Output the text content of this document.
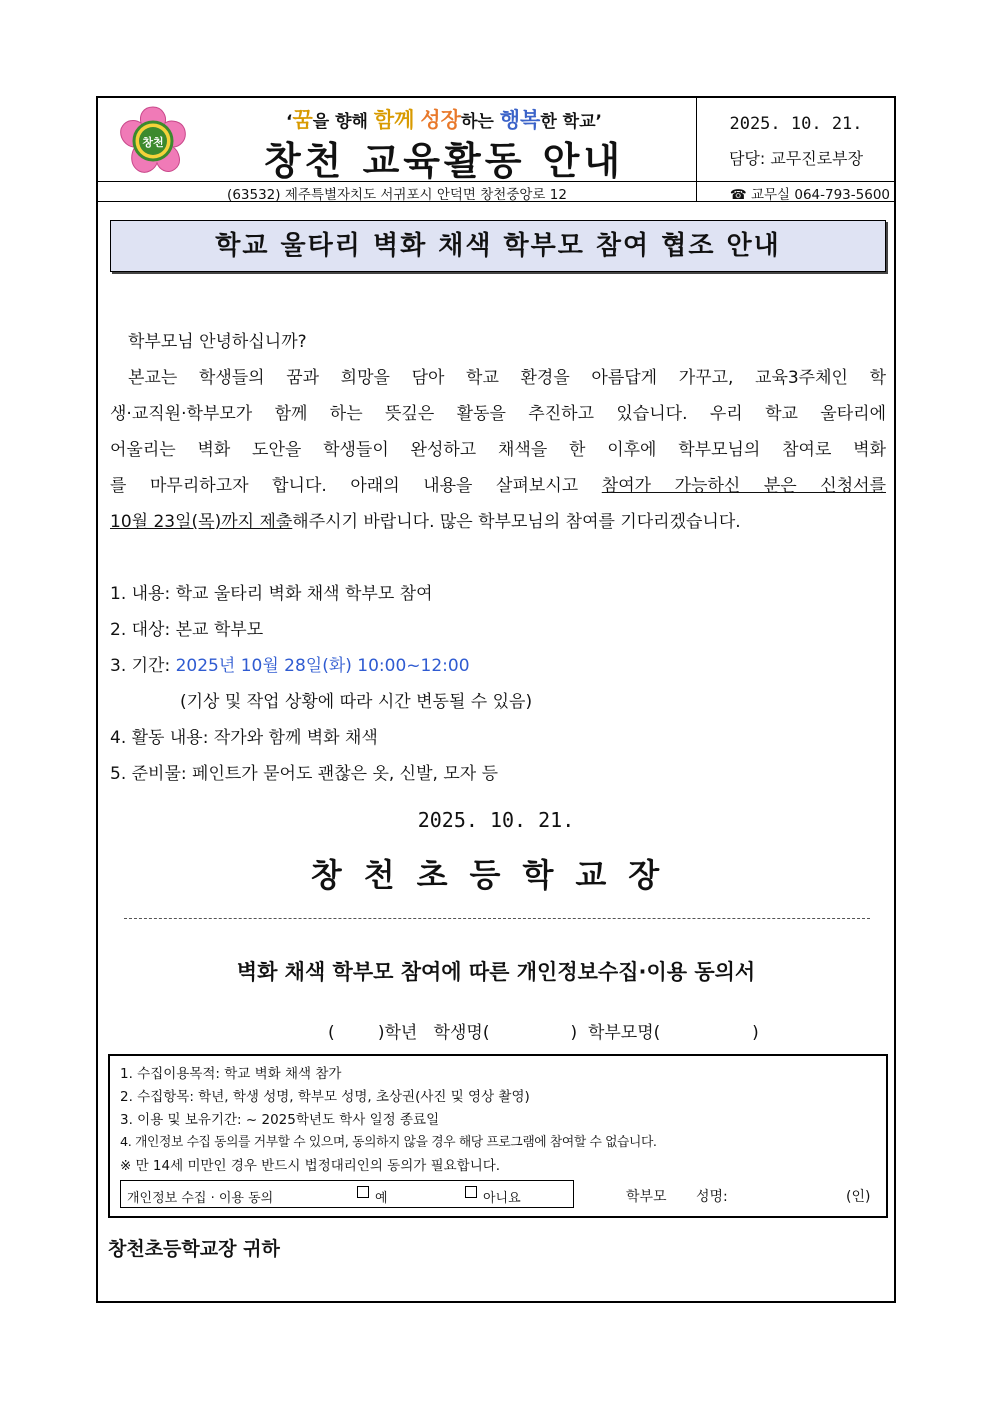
창천
‘꿈을 향해 함께 성장하는 행복한 학교’
창천 교육활동 안내
2025. 10. 21.
담당: 교무진로부장
(63532) 제주특별자치도 서귀포시 안덕면 창천중앙로 12	☎ 교무실 064-793-5600
학교 울타리 벽화 채색 학부모 참여 협조 안내
학부모님 안녕하십니까?
본교는 학생들의 꿈과 희망을 담아 학교 환경을 아름답게 가꾸고, 교육3주체인 학
생·교직원·학부모가 함께 하는 뜻깊은 활동을 추진하고 있습니다. 우리 학교 울타리에
어울리는 벽화 도안을 학생들이 완성하고 채색을 한 이후에 학부모님의 참여로 벽화
를 마무리하고자 합니다. 아래의 내용을 살펴보시고 참여가 가능하신 분은 신청서를
10월 23일(목)까지 제출해주시기 바랍니다. 많은 학부모님의 참여를 기다리겠습니다.
1. 내용: 학교 울타리 벽화 채색 학부모 참여
2. 대상: 본교 학부모
3. 기간: 2025년 10월 28일(화) 10:00~12:00
(기상 및 작업 상황에 따라 시간 변동될 수 있음)
4. 활동 내용: 작가와 함께 벽화 채색
5. 준비물: 페인트가 묻어도 괜찮은 옷, 신발, 모자 등
2025. 10. 21.
창천초등학교장
벽화 채색 학부모 참여에 따른 개인정보수집·이용 동의서
(        )학년   학생명(               )  학부모명(                 )
1. 수집이용목적: 학교 벽화 채색 참가
2. 수집항목: 학년, 학생 성명, 학부모 성명, 초상권(사진 및 영상 촬영)
3. 이용 및 보유기간: ~ 2025학년도 학사 일정 종료일
4. 개인정보 수집 동의를 거부할 수 있으며, 동의하지 않을 경우 해당 프로그램에 참여할 수 없습니다.
※ 만 14세 미만인 경우 반드시 법정대리인의 동의가 필요합니다.
개인정보 수집 · 이용 동의	예	아니요	학부모 성명:	(인)
창천초등학교장 귀하
